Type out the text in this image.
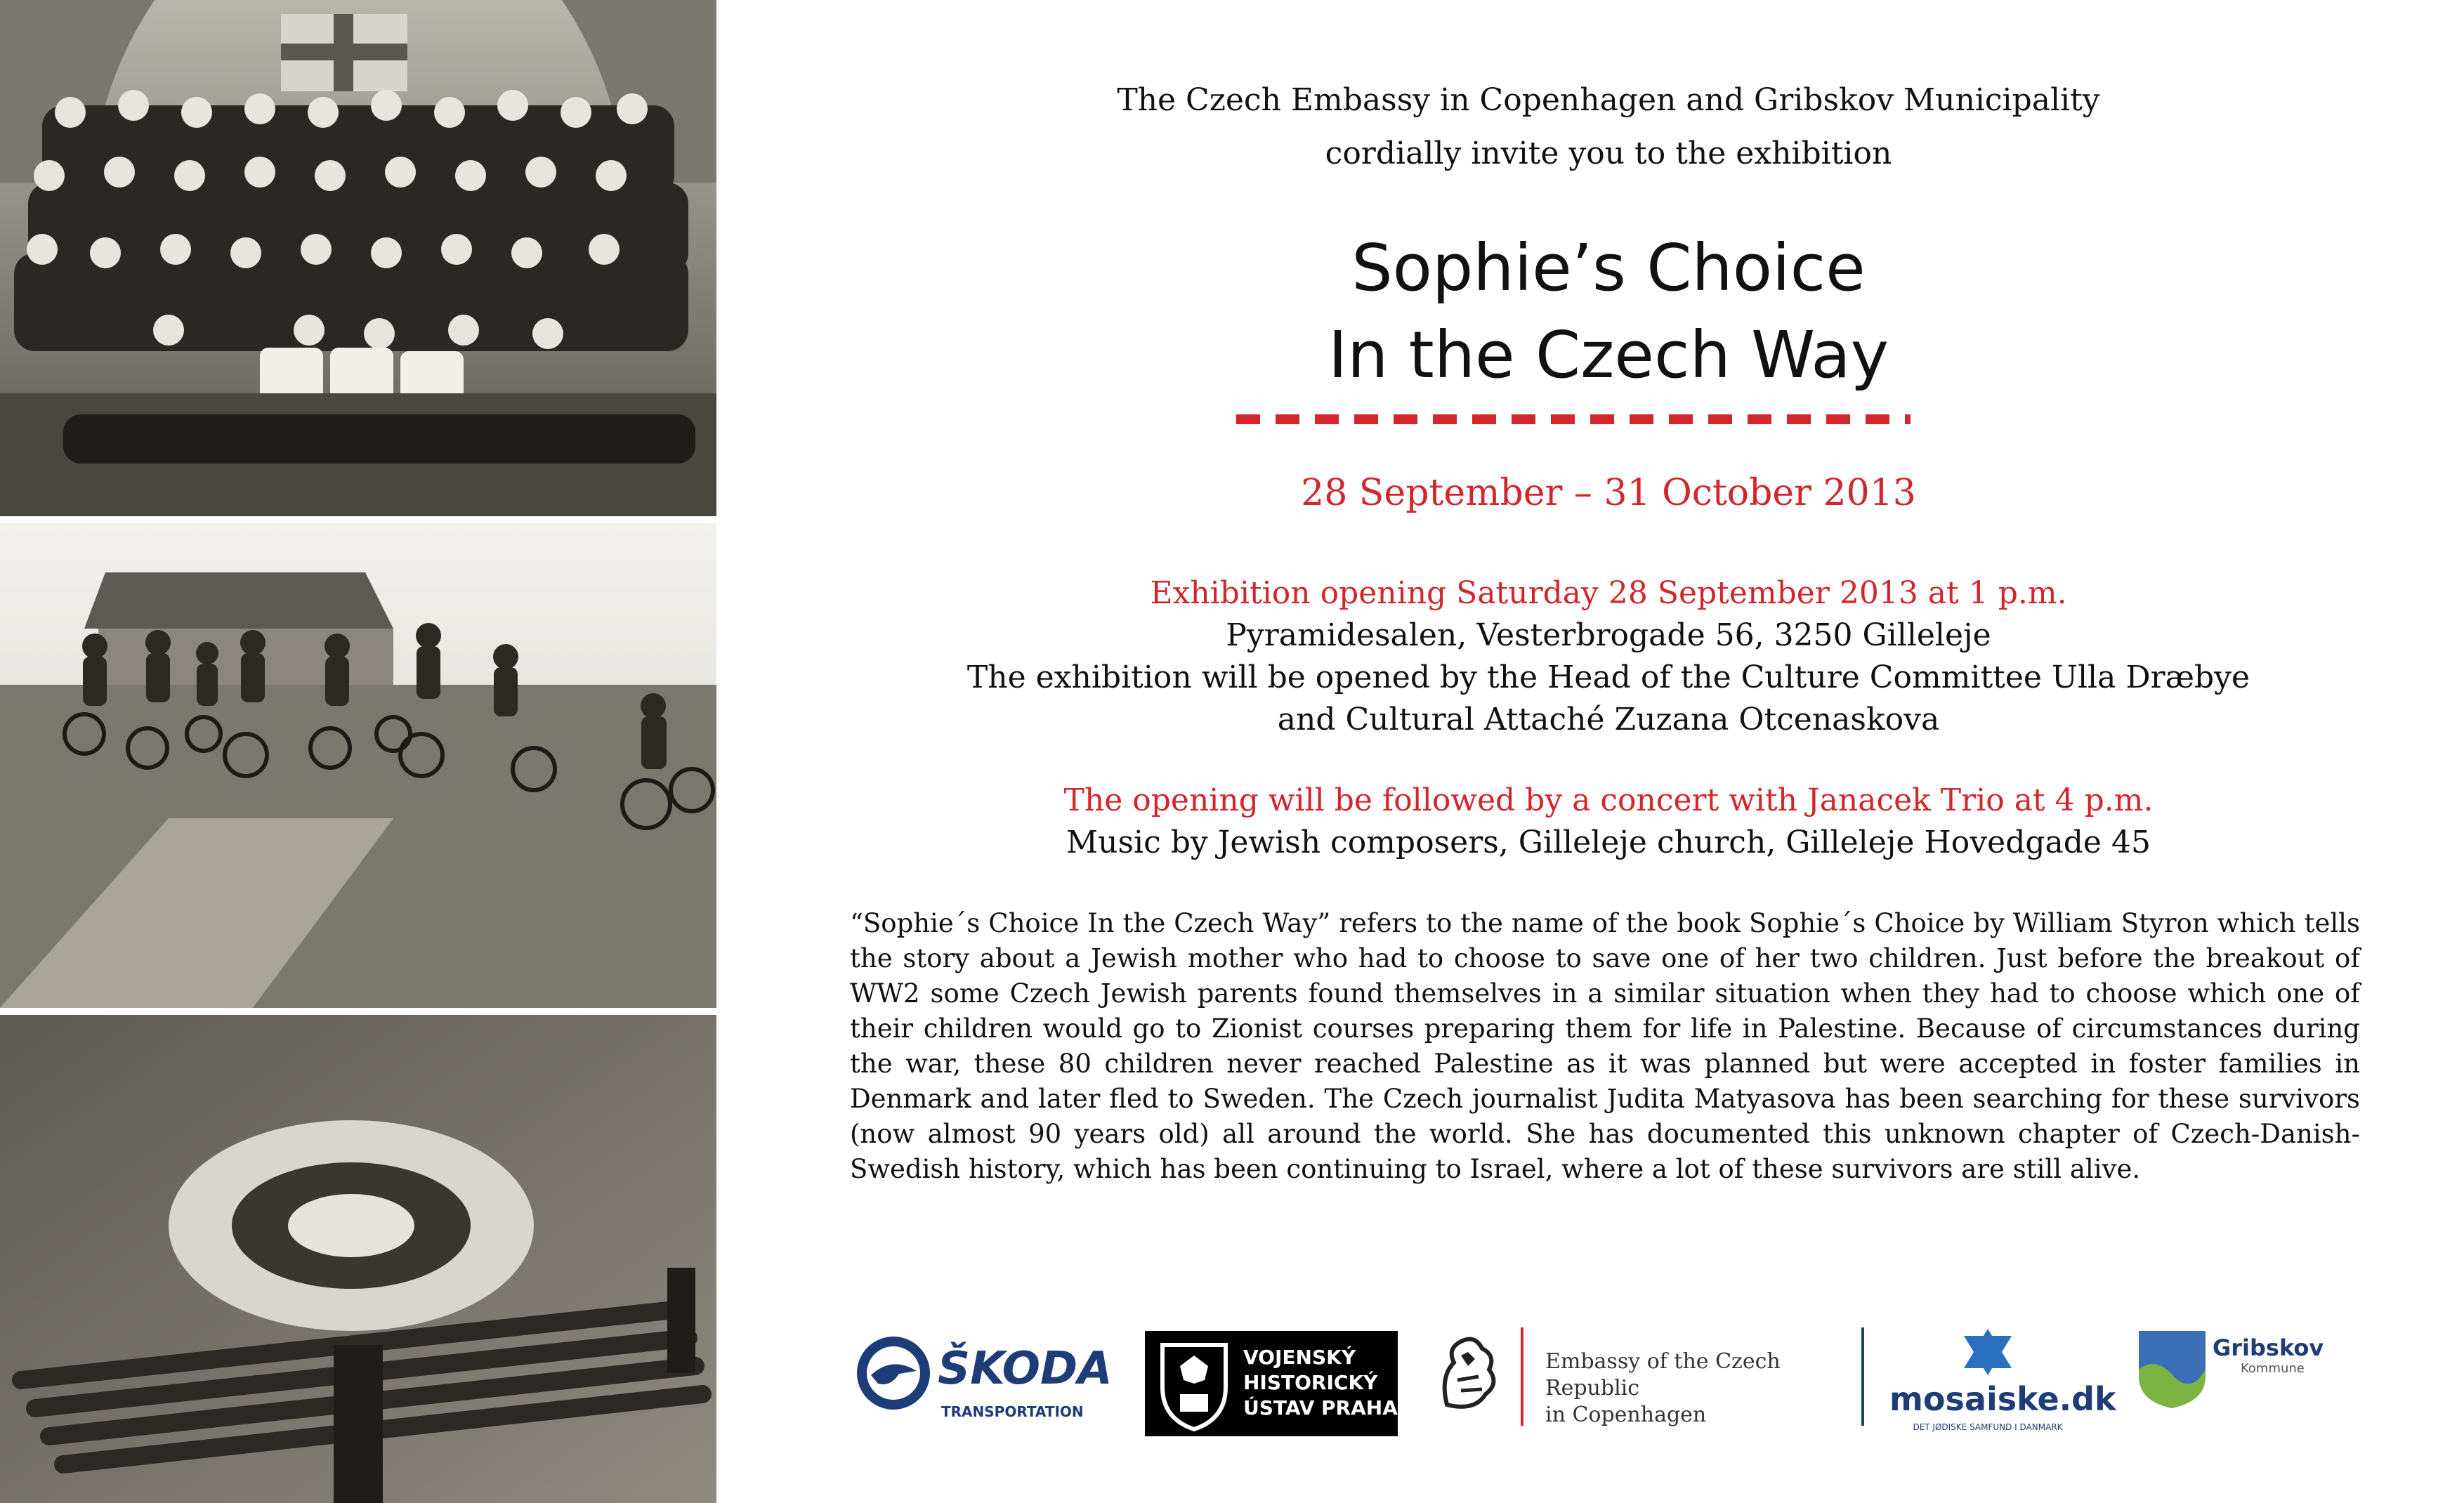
The Czech Embassy in Copenhagen and Gribskov Municipality
cordially invite you to the exhibition
Sophie’s Choice
In the Czech Way
28 September – 31 October 2013
Exhibition opening Saturday 28 September 2013 at 1 p.m.
Pyramidesalen, Vesterbrogade 56, 3250 Gilleleje
The exhibition will be opened by the Head of the Culture Committee Ulla Dræbye
and Cultural Attaché Zuzana Otcenaskova
The opening will be followed by a concert with Janacek Trio at 4 p.m.
Music by Jewish composers, Gilleleje church, Gilleleje Hovedgade 45
“Sophie´s Choice In the Czech Way” refers to the name of the book Sophie´s Choice by William Styron which tells the story about a Jewish mother who had to choose to save one of her two children. Just before the breakout of WW2 some Czech Jewish parents found themselves in a similar situation when they had to choose which one of their children would go to Zionist courses preparing them for life in Palestine. Because of circumstances during the war, these 80 children never reached Palestine as it was planned but were accepted in foster families in Denmark and later fled to Sweden. The Czech journalist Judita Matyasova has been searching for these survivors (now almost 90 years old) all around the world. She has documented this unknown chapter of Czech-Danish-Swedish history, which has been continuing to Israel, where a lot of these survivors are still alive.
ŠKODA
TRANSPORTATION
VOJENSKÝ
HISTORICKÝ
ÚSTAV PRAHA
Embassy of the Czech Republic
in Copenhagen	mosaiske.dk
DET JØDISKE SAMFUND I DANMARK
Gribskov
Kommune
